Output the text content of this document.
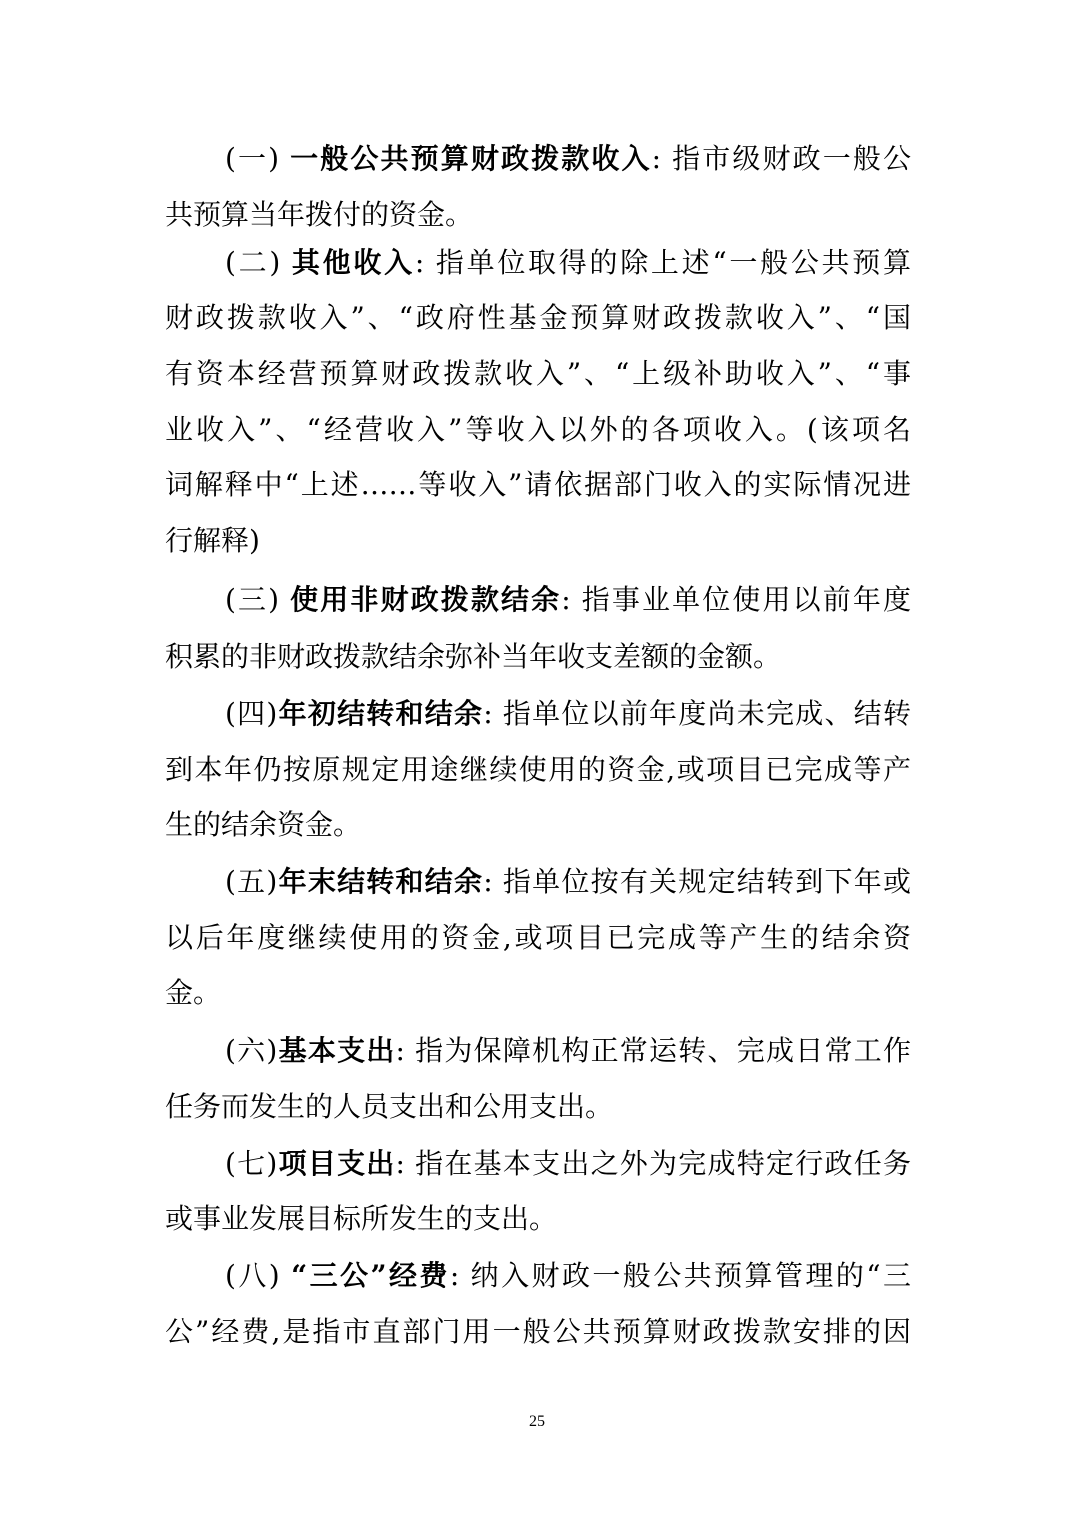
(一) 一般公共预算财政拨款收入: 指市级财政一般公
共预算当年拨付的资金。
(二) 其他收入: 指单位取得的除上述“一般公共预算
财政拨款收入”、“政府性基金预算财政拨款收入”、“国
有资本经营预算财政拨款收入”、“上级补助收入”、“事
业收入”、“经营收入”等收入以外的各项收入。(该项名
词解释中“上述……等收入”请依据部门收入的实际情况进
行解释)
(三) 使用非财政拨款结余: 指事业单位使用以前年度
积累的非财政拨款结余弥补当年收支差额的金额。
(四)年初结转和结余: 指单位以前年度尚未完成、结转
到本年仍按原规定用途继续使用的资金,或项目已完成等产
生的结余资金。
(五)年末结转和结余: 指单位按有关规定结转到下年或
以后年度继续使用的资金,或项目已完成等产生的结余资
金。
(六)基本支出: 指为保障机构正常运转、完成日常工作
任务而发生的人员支出和公用支出。
(七)项目支出: 指在基本支出之外为完成特定行政任务
或事业发展目标所发生的支出。
(八) “三公”经费: 纳入财政一般公共预算管理的“三
公”经费,是指市直部门用一般公共预算财政拨款安排的因
25
